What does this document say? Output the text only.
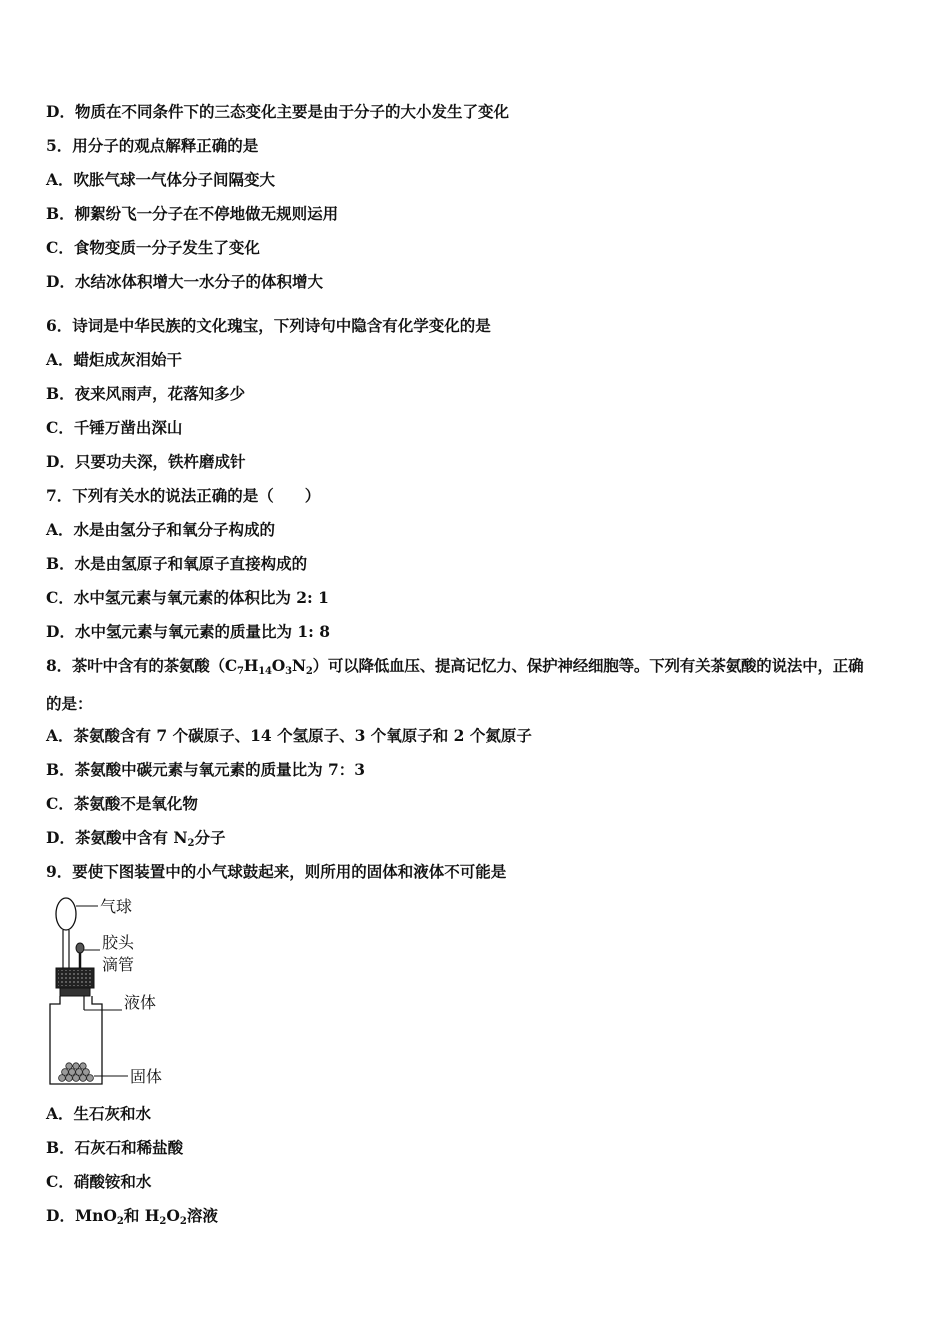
D．物质在不同条件下的三态变化主要是由于分子的大小发生了变化
5．用分子的观点解释正确的是
A．吹胀气球一气体分子间隔变大
B．柳絮纷飞一分子在不停地做无规则运用
C．食物变质一分子发生了变化
D．水结冰体积增大一水分子的体积增大
6．诗词是中华民族的文化瑰宝，下列诗句中隐含有化学变化的是
A．蜡炬成灰泪始干
B．夜来风雨声，花落知多少
C．千锤万凿出深山
D．只要功夫深，铁杵磨成针
7．下列有关水的说法正确的是（　　）
A．水是由氢分子和氧分子构成的
B．水是由氢原子和氧原子直接构成的
C．水中氢元素与氧元素的体积比为 2: 1
D．水中氢元素与氧元素的质量比为 1: 8
8．茶叶中含有的茶氨酸$(C_7H_{14}O_3N_2)$可以降低血压、提高记忆力、保护神经细胞等。下列有关茶氨酸的说法中，正确
的是：
A．茶氨酸含有 7 个碳原子、14 个氢原子、3 个氧原子和 2 个氮原子
B．茶氨酸中碳元素与氧元素的质量比为 7：3
C．茶氨酸不是氧化物
D．茶氨酸中含有 $N_2$分子
9．要使下图装置中的小气球鼓起来，则所用的固体和液体不可能是
气球
胶头
滴管
液体
固体
A．生石灰和水
B．石灰石和稀盐酸
C．硝酸铵和水
D．MnO$_2$和 $H_2O_2$溶液
